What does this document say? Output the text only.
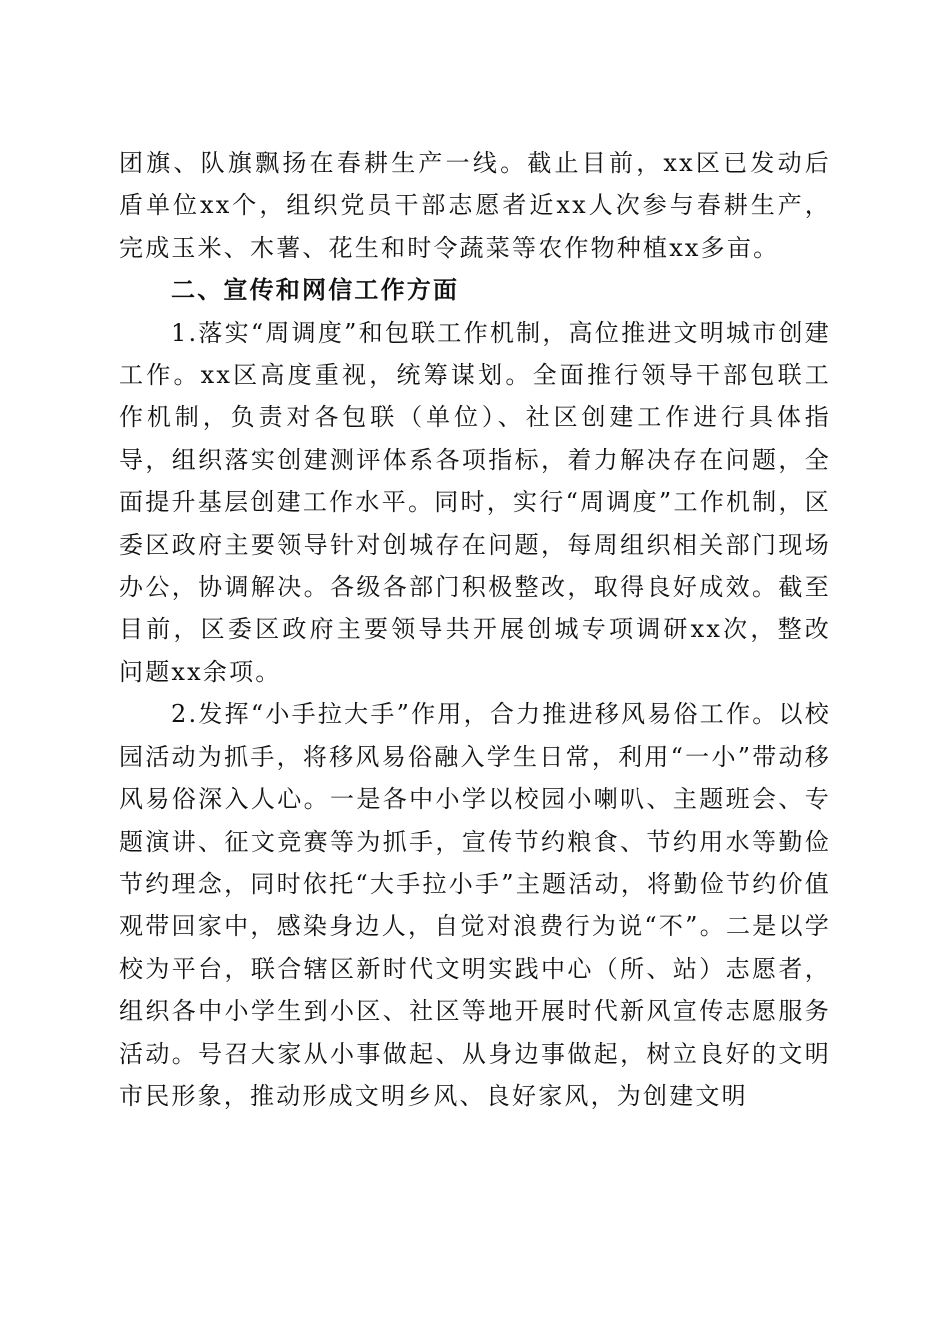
团旗、队旗飘扬在春耕生产一线。截止目前，xx区已发动后盾单位xx个，组织党员干部志愿者近xx人次参与春耕生产，完成玉米、木薯、花生和时令蔬菜等农作物种植xx多亩。

二、宣传和网信工作方面

1.落实“周调度”和包联工作机制，高位推进文明城市创建工作。xx区高度重视，统筹谋划。全面推行领导干部包联工作机制，负责对各包联（单位）、社区创建工作进行具体指导，组织落实创建测评体系各项指标，着力解决存在问题，全面提升基层创建工作水平。同时，实行“周调度”工作机制，区委区政府主要领导针对创城存在问题，每周组织相关部门现场办公，协调解决。各级各部门积极整改，取得良好成效。截至目前，区委区政府主要领导共开展创城专项调研xx次，整改问题xx余项。

2.发挥“小手拉大手”作用，合力推进移风易俗工作。以校园活动为抓手，将移风易俗融入学生日常，利用“一小”带动移风易俗深入人心。一是各中小学以校园小喇叭、主题班会、专题演讲、征文竞赛等为抓手，宣传节约粮食、节约用水等勤俭节约理念，同时依托“大手拉小手”主题活动，将勤俭节约价值观带回家中，感染身边人，自觉对浪费行为说“不”。二是以学校为平台，联合辖区新时代文明实践中心（所、站）志愿者，组织各中小学生到小区、社区等地开展时代新风宣传志愿服务活动。号召大家从小事做起、从身边事做起，树立良好的文明市民形象，推动形成文明乡风、良好家风，为创建文明
